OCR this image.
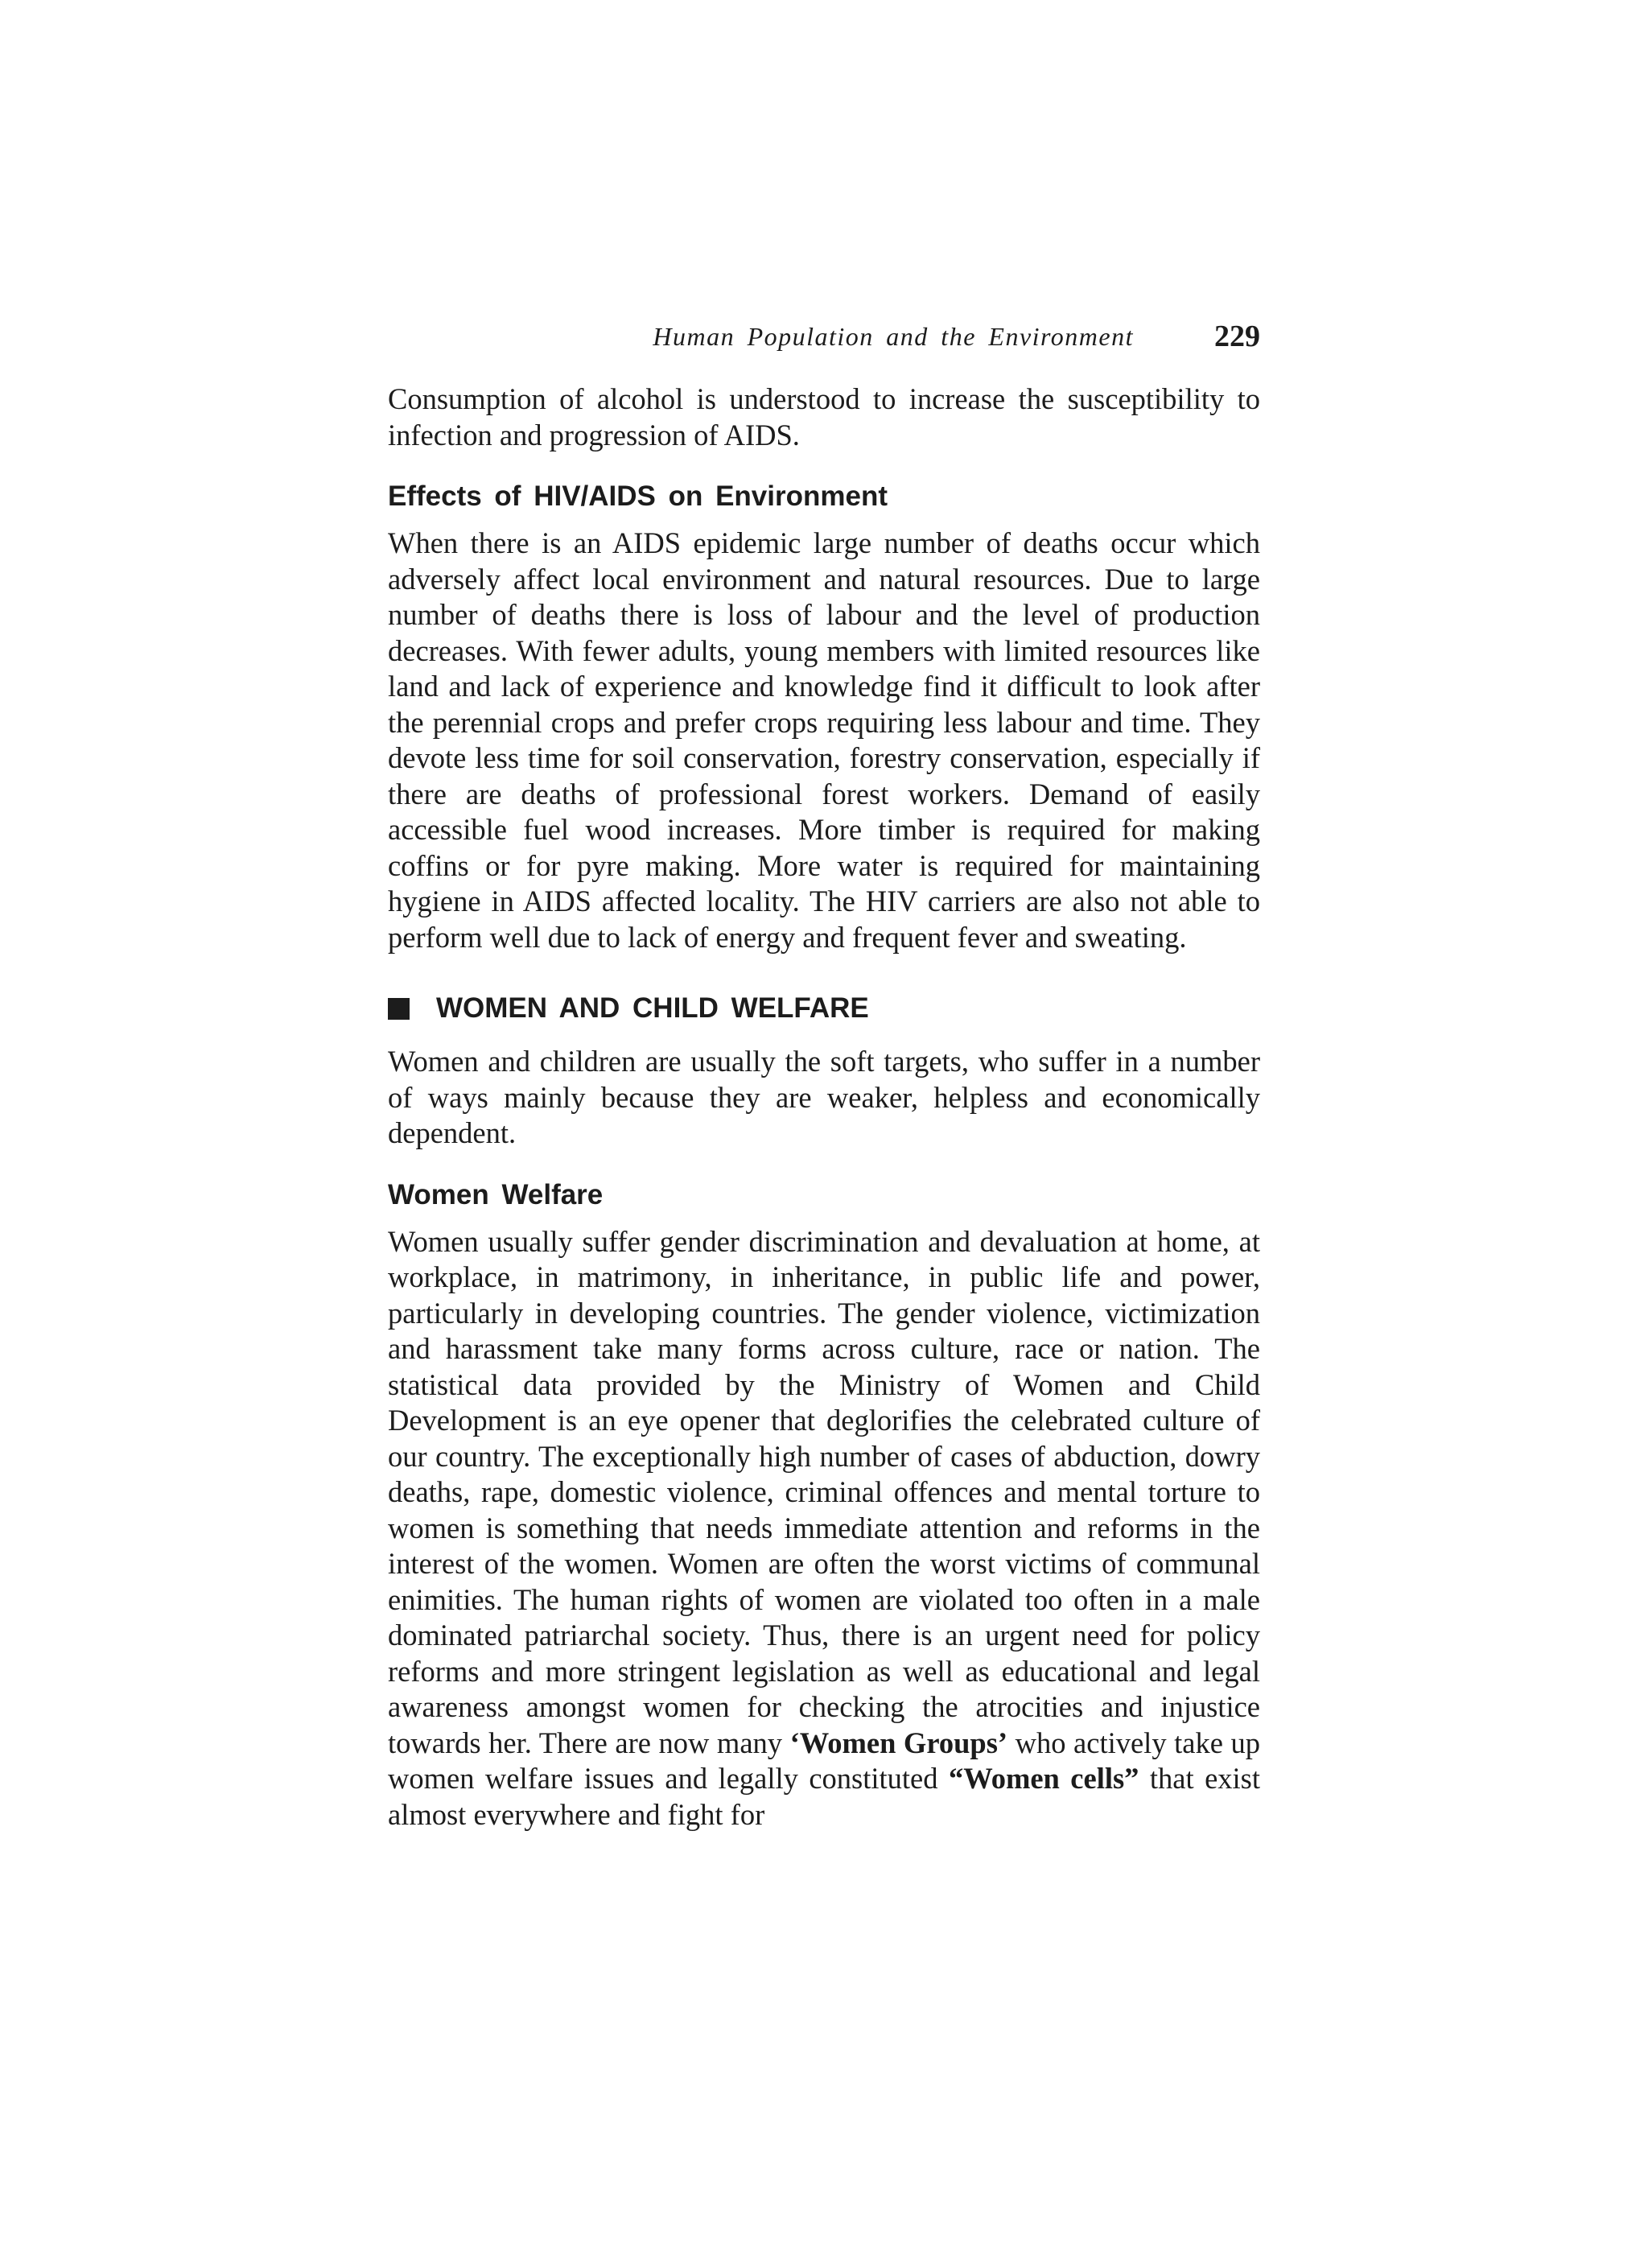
Human Population and the Environment	229

Consumption of alcohol is understood to increase the susceptibility to infection and progression of AIDS.

Effects of HIV/AIDS on Environment

When there is an AIDS epidemic large number of deaths occur which adversely affect local environment and natural resources. Due to large number of deaths there is loss of labour and the level of production decreases. With fewer adults, young members with limited resources like land and lack of experience and knowledge find it difficult to look after the perennial crops and prefer crops requiring less labour and time. They devote less time for soil conservation, forestry conservation, especially if there are deaths of professional forest workers. Demand of easily accessible fuel wood increases. More timber is required for making coffins or for pyre making. More water is required for maintaining hygiene in AIDS affected locality. The HIV carriers are also not able to perform well due to lack of energy and frequent fever and sweating.

WOMEN AND CHILD WELFARE

Women and children are usually the soft targets, who suffer in a number of ways mainly because they are weaker, helpless and economically dependent.

Women Welfare

Women usually suffer gender discrimination and devaluation at home, at workplace, in matrimony, in inheritance, in public life and power, particularly in developing countries. The gender violence, victimization and harassment take many forms across culture, race or nation. The statistical data provided by the Ministry of Women and Child Development is an eye opener that deglorifies the celebrated culture of our country. The exceptionally high number of cases of abduction, dowry deaths, rape, domestic violence, criminal offences and mental torture to women is something that needs immediate attention and reforms in the interest of the women. Women are often the worst victims of communal enimities. The human rights of women are violated too often in a male dominated patriarchal society. Thus, there is an urgent need for policy reforms and more stringent legislation as well as educational and legal awareness amongst women for checking the atrocities and injustice towards her. There are now many ‘Women Groups’ who actively take up women welfare issues and legally constituted “Women cells” that exist almost everywhere and fight for
